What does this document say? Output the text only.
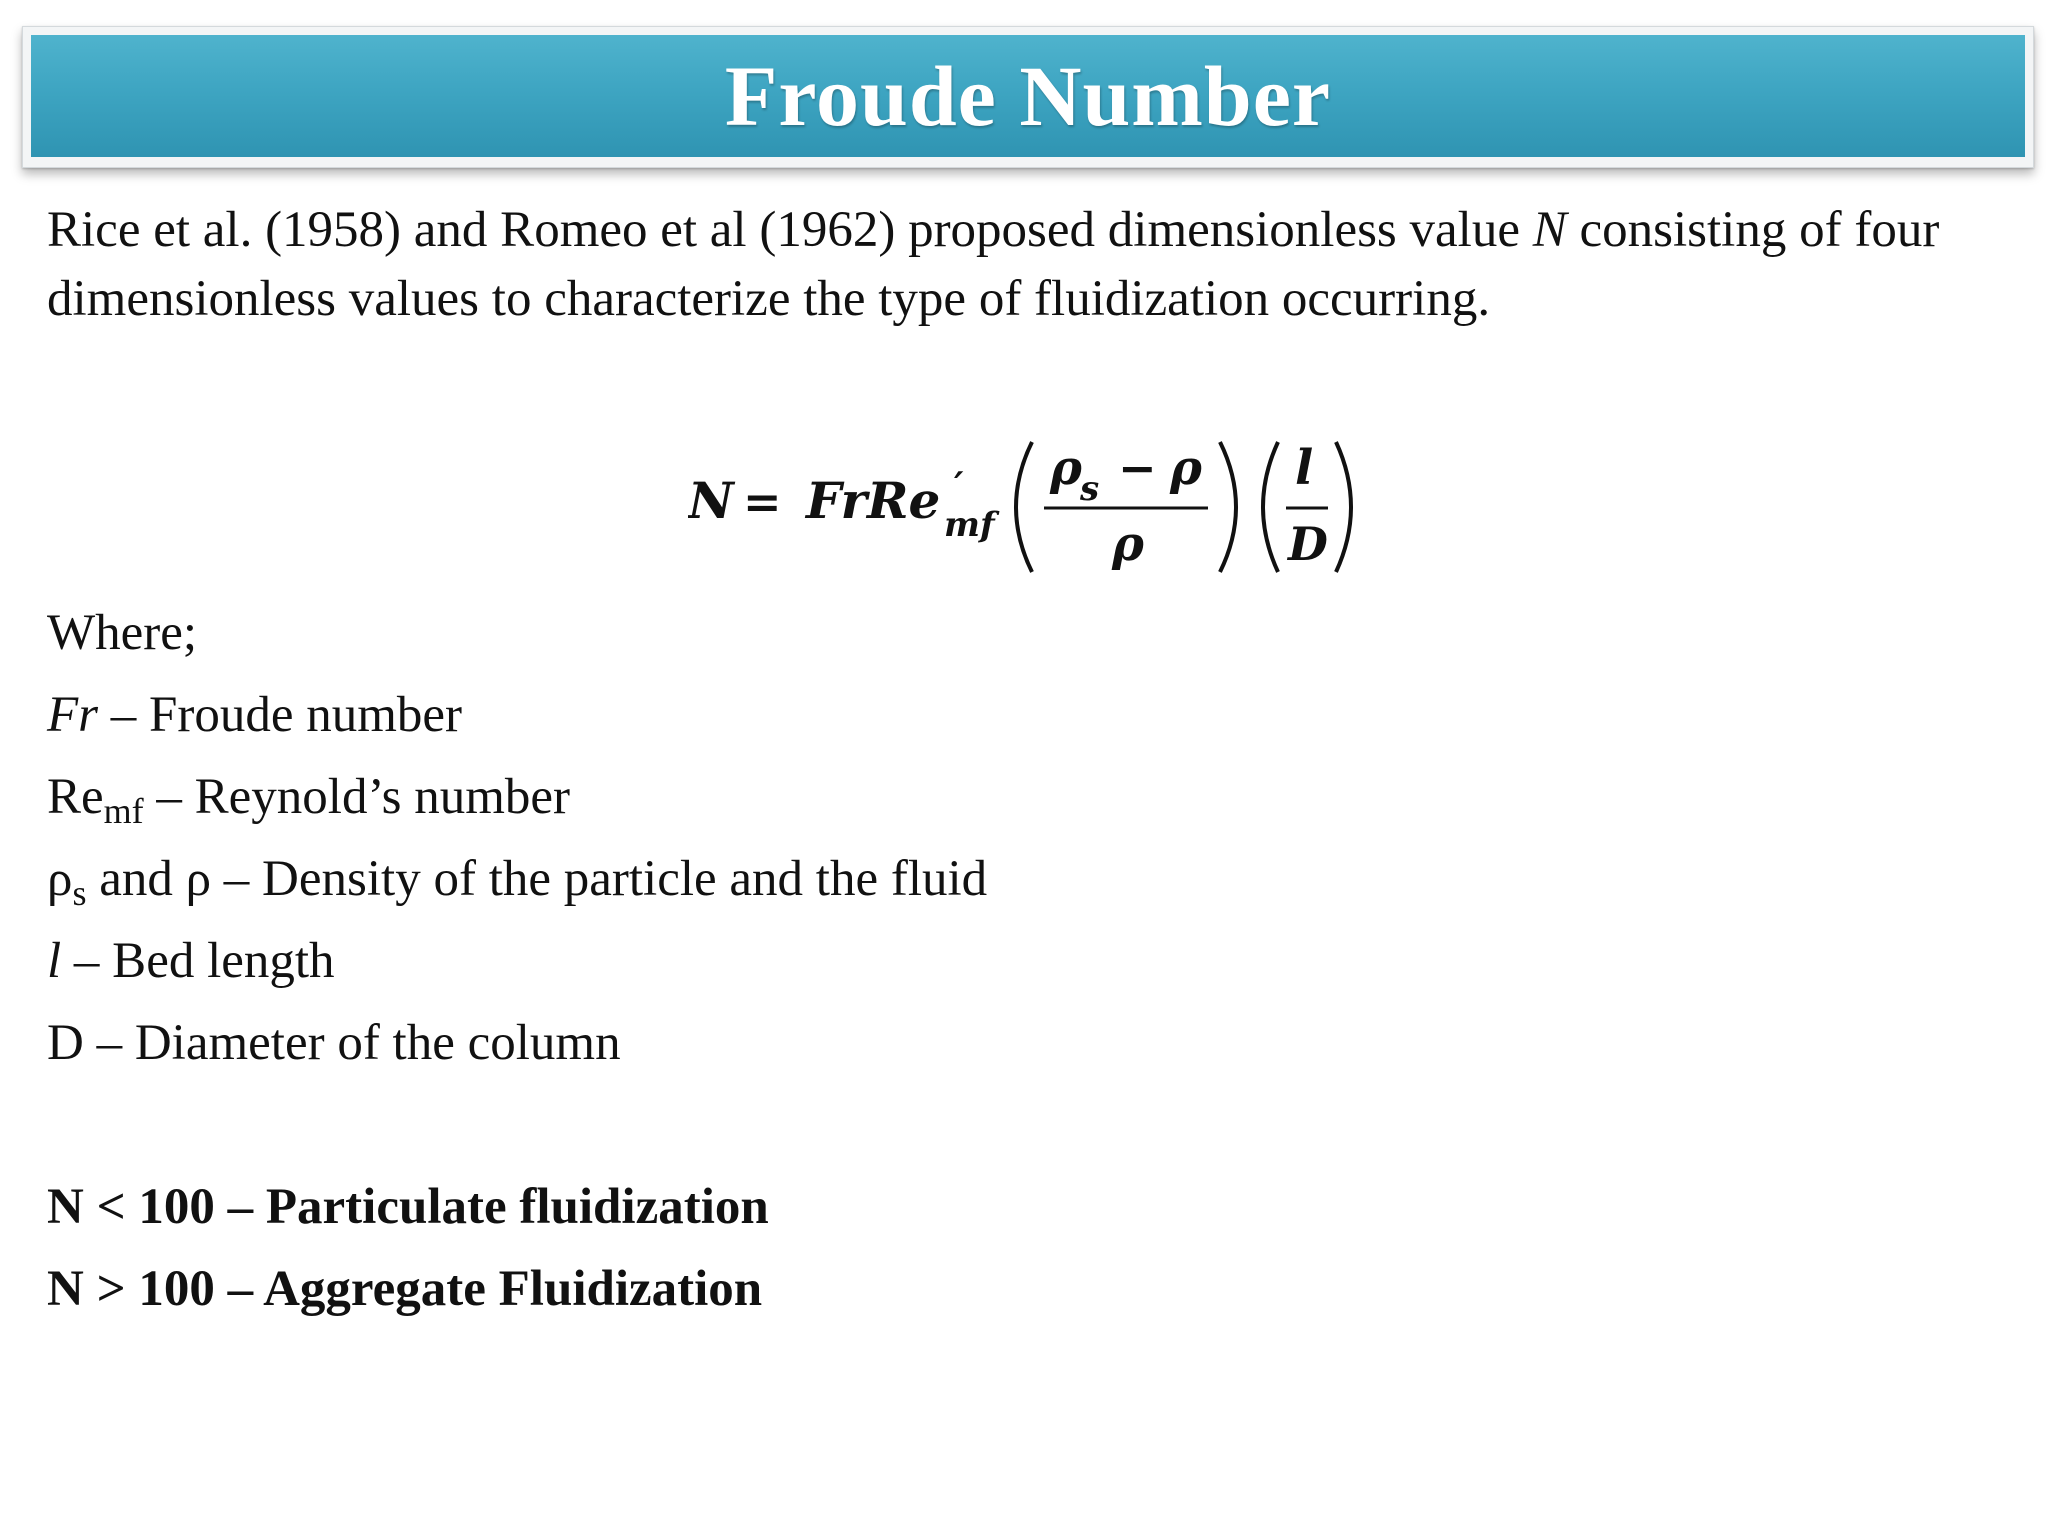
Froude Number

Rice et al. (1958) and Romeo et al (1962) proposed dimensionless value N consisting of four dimensionless values to characterize the type of fluidization occurring.

N = FrRe ′
mf
ρ
s − ρ
ρ
l
D
Where;
Fr – Froude number
$Re_{mf}$ – Reynold’s number
$\rho_s$ and ρ – Density of the particle and the fluid
l – Bed length
D – Diameter of the column
N < 100 – Particulate fluidization
N > 100 – Aggregate Fluidization
